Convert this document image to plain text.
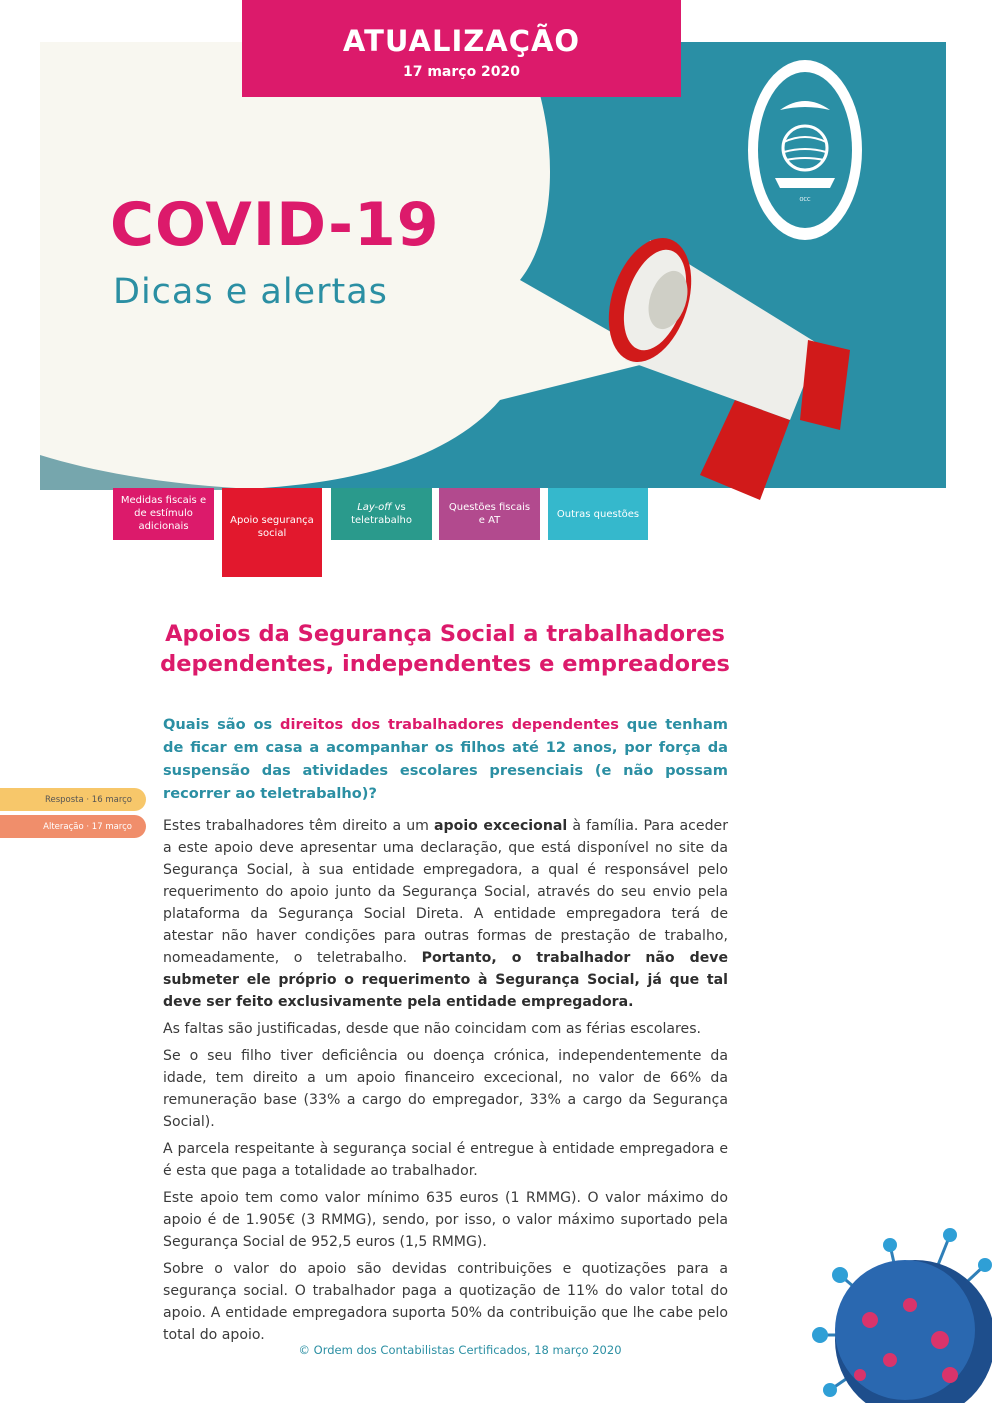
OCC
ATUALIZAÇÃO
17 março 2020
COVID-19
Dicas e alertas
Medidas fiscais e de estímulo adicionais
Apoio segurança social
Lay-off vs teletrabalho
Questões fiscais e AT
Outras questões
Resposta · 16 março
Alteração · 17 março
Apoios da Segurança Social a trabalhadores dependentes, independentes e empreadores
Quais são os direitos dos trabalhadores dependentes que tenham de ficar em casa a acompanhar os filhos até 12 anos, por força da suspensão das atividades escolares presenciais (e não possam recorrer ao teletrabalho)?

Estes trabalhadores têm direito a um apoio excecional à família. Para aceder a este apoio deve apresentar uma declaração, que está disponível no site da Segurança Social, à sua entidade empregadora, a qual é responsável pelo requerimento do apoio junto da Segurança Social, através do seu envio pela plataforma da Segurança Social Direta. A entidade empregadora terá de atestar não haver condições para outras formas de prestação de trabalho, nomeadamente, o teletrabalho. Portanto, o trabalhador não deve submeter ele próprio o requerimento à Segurança Social, já que tal deve ser feito exclusivamente pela entidade empregadora.

As faltas são justificadas, desde que não coincidam com as férias escolares.

Se o seu filho tiver deficiência ou doença crónica, independentemente da idade, tem direito a um apoio financeiro excecional, no valor de 66% da remuneração base (33% a cargo do empregador, 33% a cargo da Segurança Social).

A parcela respeitante à segurança social é entregue à entidade empregadora e é esta que paga a totalidade ao trabalhador.

Este apoio tem como valor mínimo 635 euros (1 RMMG). O valor máximo do apoio é de 1.905€ (3 RMMG), sendo, por isso, o valor máximo suportado pela Segurança Social de 952,5 euros (1,5 RMMG).

Sobre o valor do apoio são devidas contribuições e quotizações para a segurança social. O trabalhador paga a quotização de 11% do valor total do apoio. A entidade empregadora suporta 50% da contribuição que lhe cabe pelo total do apoio.

© Ordem dos Contabilistas Certificados, 18 março 2020
